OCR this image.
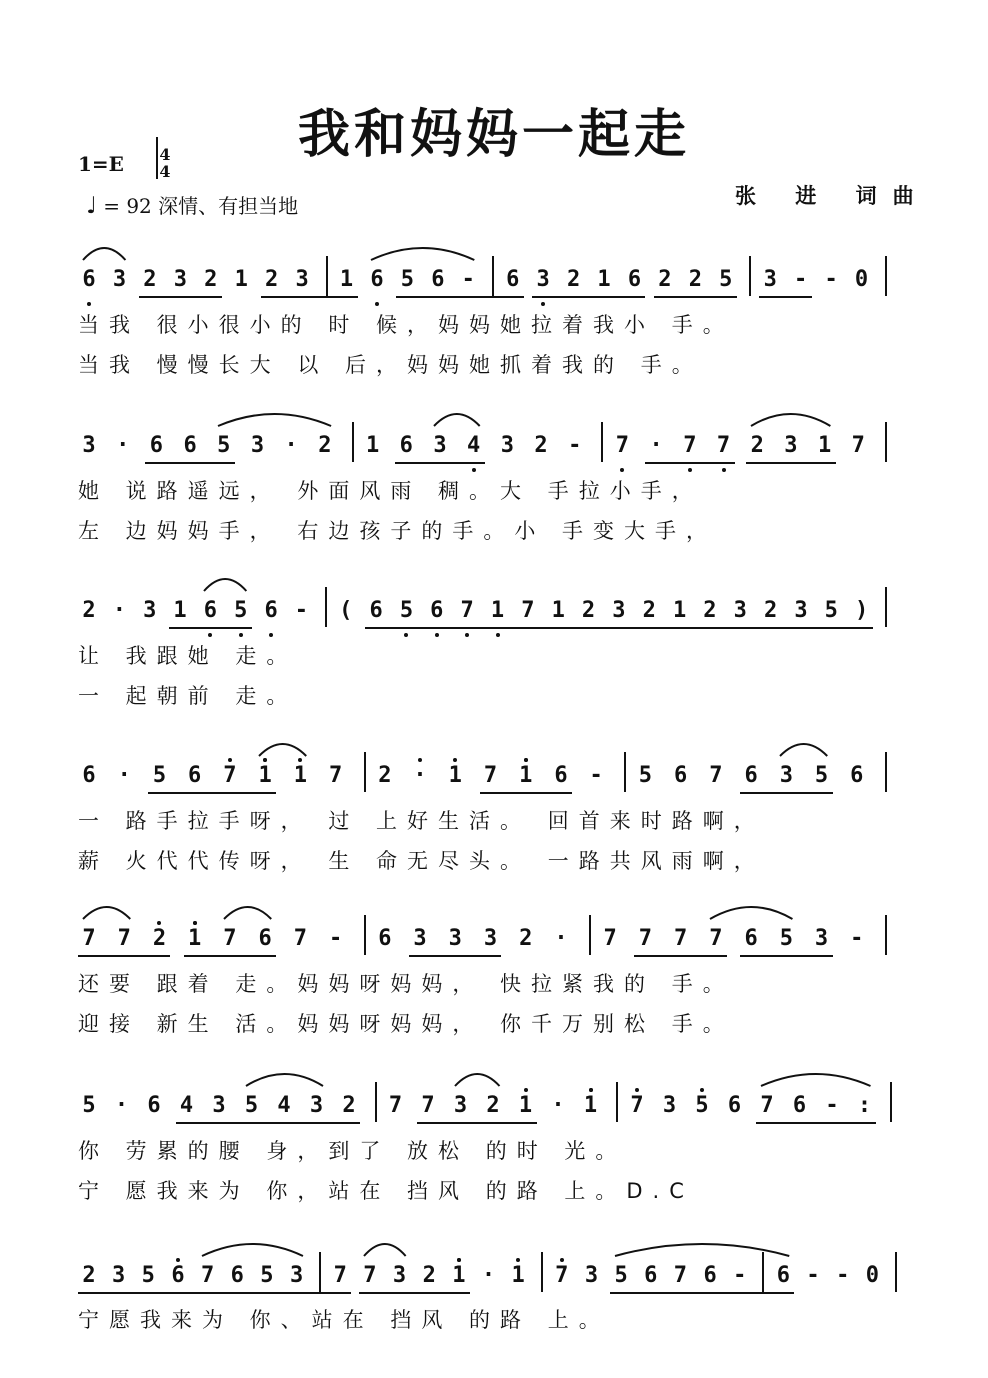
我和妈妈一起走
1=E 4
4
♩ = 92 深情、有担当地	张 进 词曲
6 3 2 3 2 1 2 3 1 6 5 6 - 6 3 2 1 6 2 2 5 3 - - 0
当我 很小很小的 时 候，妈妈她拉着我小 手。
当我 慢慢长大 以 后，妈妈她抓着我的 手。
3 · 6 6 5 3 · 2 1 6 3 4 3 2 - 7 · 7 7 2 3 1 7
她 说路遥远， 外面风雨 稠。大 手拉小手，
左 边妈妈手， 右边孩子的手。小 手变大手，
2 · 3 1 6 5 6 - ( 6 5 6 7 1 7 1 2 3 2 1 2 3 2 3 5 )
让 我跟她 走。
一 起朝前 走。
6 · 5 6 7 1 1 7 2 · 1 7 1 6 - 5 6 7 6 3 5 6
一 路手拉手呀， 过 上好生活。 回首来时路啊，
薪 火代代传呀， 生 命无尽头。 一路共风雨啊，
7 7 2 1 7 6 7 - 6 3 3 3 2 · 7 7 7 7 6 5 3 -
还要 跟着 走。妈妈呀妈妈， 快拉紧我的 手。
迎接 新生 活。妈妈呀妈妈， 你千万别松 手。
5 · 6 4 3 5 4 3 2 7 7 3 2 1 · 1 7 3 5 6 7 6 - :
你 劳累的腰 身，到了 放松 的时 光。
宁 愿我来为 你，站在 挡风 的路 上。D.C
2 3 5 6 7 6 5 3 7 7 3 2 1 · 1 7 3 5 6 7 6 - 6 - - 0
宁愿我来为 你、站在 挡风 的路 上。
